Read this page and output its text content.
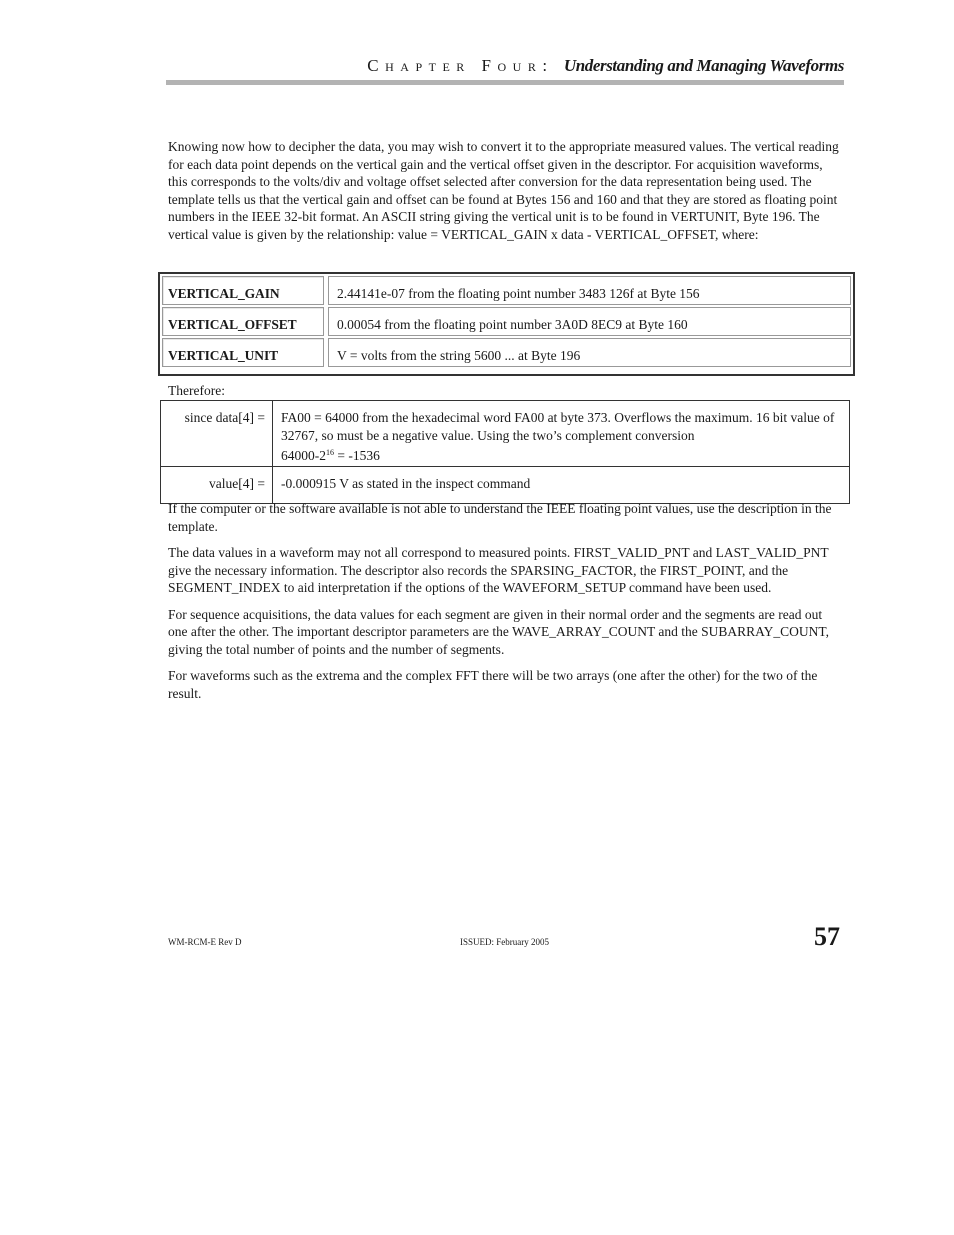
Chapter Four: Understanding and Managing Waveforms

Knowing now how to decipher the data, you may wish to convert it to the appropriate measured values. The vertical reading for each data point depends on the vertical gain and the vertical offset given in the descriptor. For acquisition waveforms, this corresponds to the volts/div and voltage offset selected after conversion for the data representation being used. The template tells us that the vertical gain and offset can be found at Bytes 156 and 160 and that they are stored as floating point numbers in the IEEE 32-bit format. An ASCII string giving the vertical unit is to be found in VERTUNIT, Byte 196. The vertical value is given by the relationship: value = VERTICAL_GAIN x data - VERTICAL_OFFSET, where:

VERTICAL_GAIN	2.44141e-07 from the floating point number 3483 126f at Byte 156
VERTICAL_OFFSET	0.00054 from the floating point number 3A0D 8EC9 at Byte 160
VERTICAL_UNIT	V = volts from the string 5600 ... at Byte 196
Therefore:
since data[4] =	FA00 = 64000 from the hexadecimal word FA00 at byte 373. Overflows the maximum. 16 bit value of 32767, so must be a negative value. Using the two’s complement conversion
$64000-2^{16} = -1536$
value[4] =	-0.000915 V as stated in the inspect command

If the computer or the software available is not able to understand the IEEE floating point values, use the description in the template.

The data values in a waveform may not all correspond to measured points. FIRST_VALID_PNT and LAST_VALID_PNT give the necessary information. The descriptor also records the SPARSING_FACTOR, the FIRST_POINT, and the SEGMENT_INDEX to aid interpretation if the options of the WAVEFORM_SETUP command have been used.

For sequence acquisitions, the data values for each segment are given in their normal order and the segments are read out one after the other. The important descriptor parameters are the WAVE_ARRAY_COUNT and the SUBARRAY_COUNT, giving the total number of points and the number of segments.

For waveforms such as the extrema and the complex FFT there will be two arrays (one after the other) for the two of the result.

WM-RCM-E Rev D	ISSUED: February 2005	57
